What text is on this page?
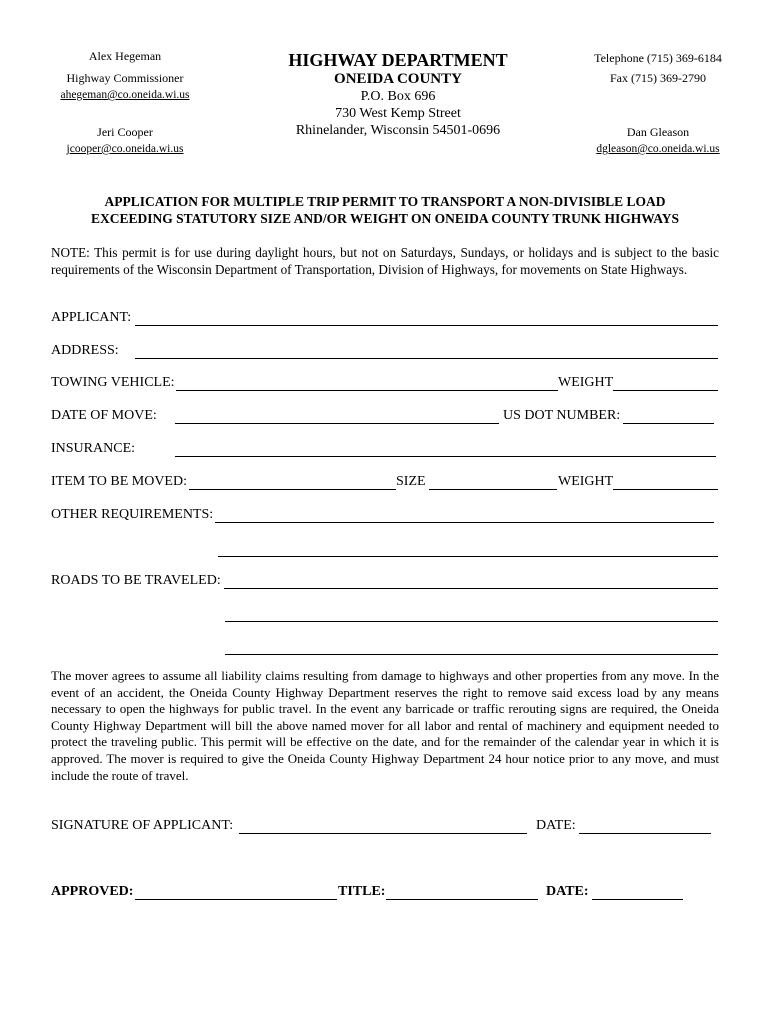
Alex Hegeman
Highway Commissioner
ahegeman@co.oneida.wi.us
Jeri Cooper
jcooper@co.oneida.wi.us
HIGHWAY DEPARTMENT
ONEIDA COUNTY
P.O. Box 696
730 West Kemp Street
Rhinelander, Wisconsin 54501-0696
Telephone (715) 369-6184
Fax (715) 369-2790
Dan Gleason
dgleason@co.oneida.wi.us
APPLICATION FOR MULTIPLE TRIP PERMIT TO TRANSPORT A NON-DIVISIBLE LOAD
EXCEEDING STATUTORY SIZE AND/OR WEIGHT ON ONEIDA COUNTY TRUNK HIGHWAYS
NOTE: This permit is for use during daylight hours, but not on Saturdays, Sundays, or holidays and is subject to the basic requirements of the Wisconsin Department of Transportation, Division of Highways, for movements on State Highways.
APPLICANT:
ADDRESS:
TOWING VEHICLE:	WEIGHT
DATE OF MOVE:	US DOT NUMBER:
INSURANCE:
ITEM TO BE MOVED:	SIZE	WEIGHT
OTHER REQUIREMENTS:
ROADS TO BE TRAVELED:
The mover agrees to assume all liability claims resulting from damage to highways and other properties from any move. In the event of an accident, the Oneida County Highway Department reserves the right to remove said excess load by any means necessary to open the highways for public travel. In the event any barricade or traffic rerouting signs are required, the Oneida County Highway Department will bill the above named mover for all labor and rental of machinery and equipment needed to protect the traveling public. This permit will be effective on the date, and for the remainder of the calendar year in which it is approved. The mover is required to give the Oneida County Highway Department 24 hour notice prior to any move, and must include the route of travel.
SIGNATURE OF APPLICANT:	DATE:
APPROVED:	TITLE:	DATE:
